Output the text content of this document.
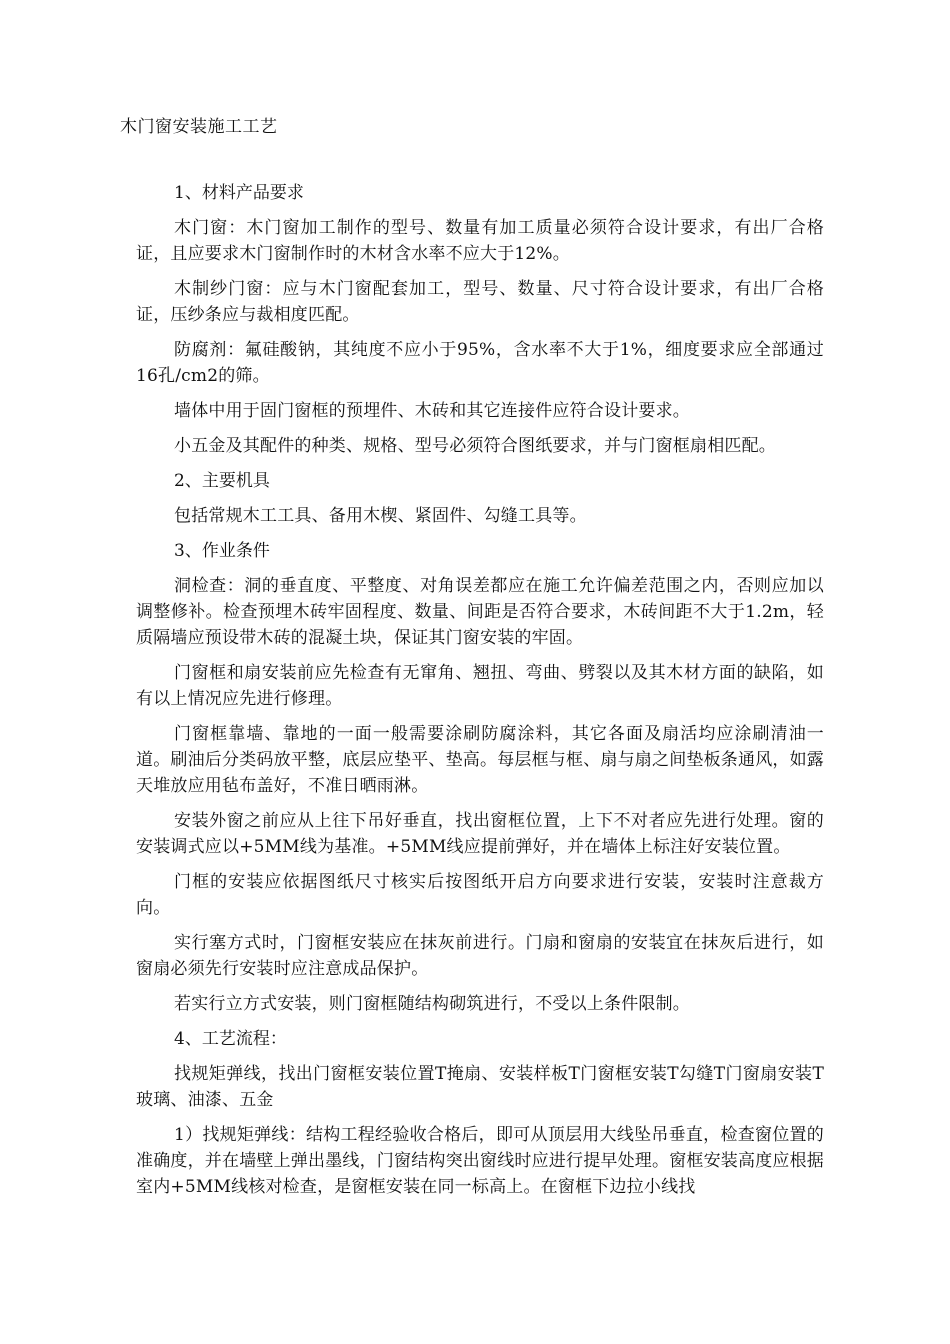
木门窗安装施工工艺

1、材料产品要求

木门窗：木门窗加工制作的型号、数量有加工质量必须符合设计要求，有出厂合格证，且应要求木门窗制作时的木材含水率不应大于12%。

木制纱门窗：应与木门窗配套加工，型号、数量、尺寸符合设计要求，有出厂合格证，压纱条应与裁相度匹配。

防腐剂：氟硅酸钠，其纯度不应小于95%，含水率不大于1%，细度要求应全部通过16孔/cm2的筛。

墙体中用于固门窗框的预埋件、木砖和其它连接件应符合设计要求。

小五金及其配件的种类、规格、型号必须符合图纸要求，并与门窗框扇相匹配。

2、主要机具

包括常规木工工具、备用木楔、紧固件、勾缝工具等。

3、作业条件

洞检查：洞的垂直度、平整度、对角误差都应在施工允许偏差范围之内，否则应加以调整修补。检查预埋木砖牢固程度、数量、间距是否符合要求，木砖间距不大于1.2m，轻质隔墙应预设带木砖的混凝土块，保证其门窗安装的牢固。

门窗框和扇安装前应先检查有无窜角、翘扭、弯曲、劈裂以及其木材方面的缺陷，如有以上情况应先进行修理。

门窗框靠墙、靠地的一面一般需要涂刷防腐涂料，其它各面及扇活均应涂刷清油一道。刷油后分类码放平整，底层应垫平、垫高。每层框与框、扇与扇之间垫板条通风，如露天堆放应用毡布盖好，不准日晒雨淋。

安装外窗之前应从上往下吊好垂直，找出窗框位置，上下不对者应先进行处理。窗的安装调式应以+5MM线为基准。+5MM线应提前弹好，并在墙体上标注好安装位置。

门框的安装应依据图纸尺寸核实后按图纸开启方向要求进行安装，安装时注意裁方向。

实行塞方式时，门窗框安装应在抹灰前进行。门扇和窗扇的安装宜在抹灰后进行，如窗扇必须先行安装时应注意成品保护。

若实行立方式安装，则门窗框随结构砌筑进行，不受以上条件限制。

4、工艺流程：

找规矩弹线，找出门窗框安装位置T掩扇、安装样板T门窗框安装T勾缝T门窗扇安装T玻璃、油漆、五金

1）找规矩弹线：结构工程经验收合格后，即可从顶层用大线坠吊垂直，检查窗位置的准确度，并在墙壁上弹出墨线，门窗结构突出窗线时应进行提早处理。窗框安装高度应根据室内+5MM线核对检查，是窗框安装在同一标高上。在窗框下边拉小线找
